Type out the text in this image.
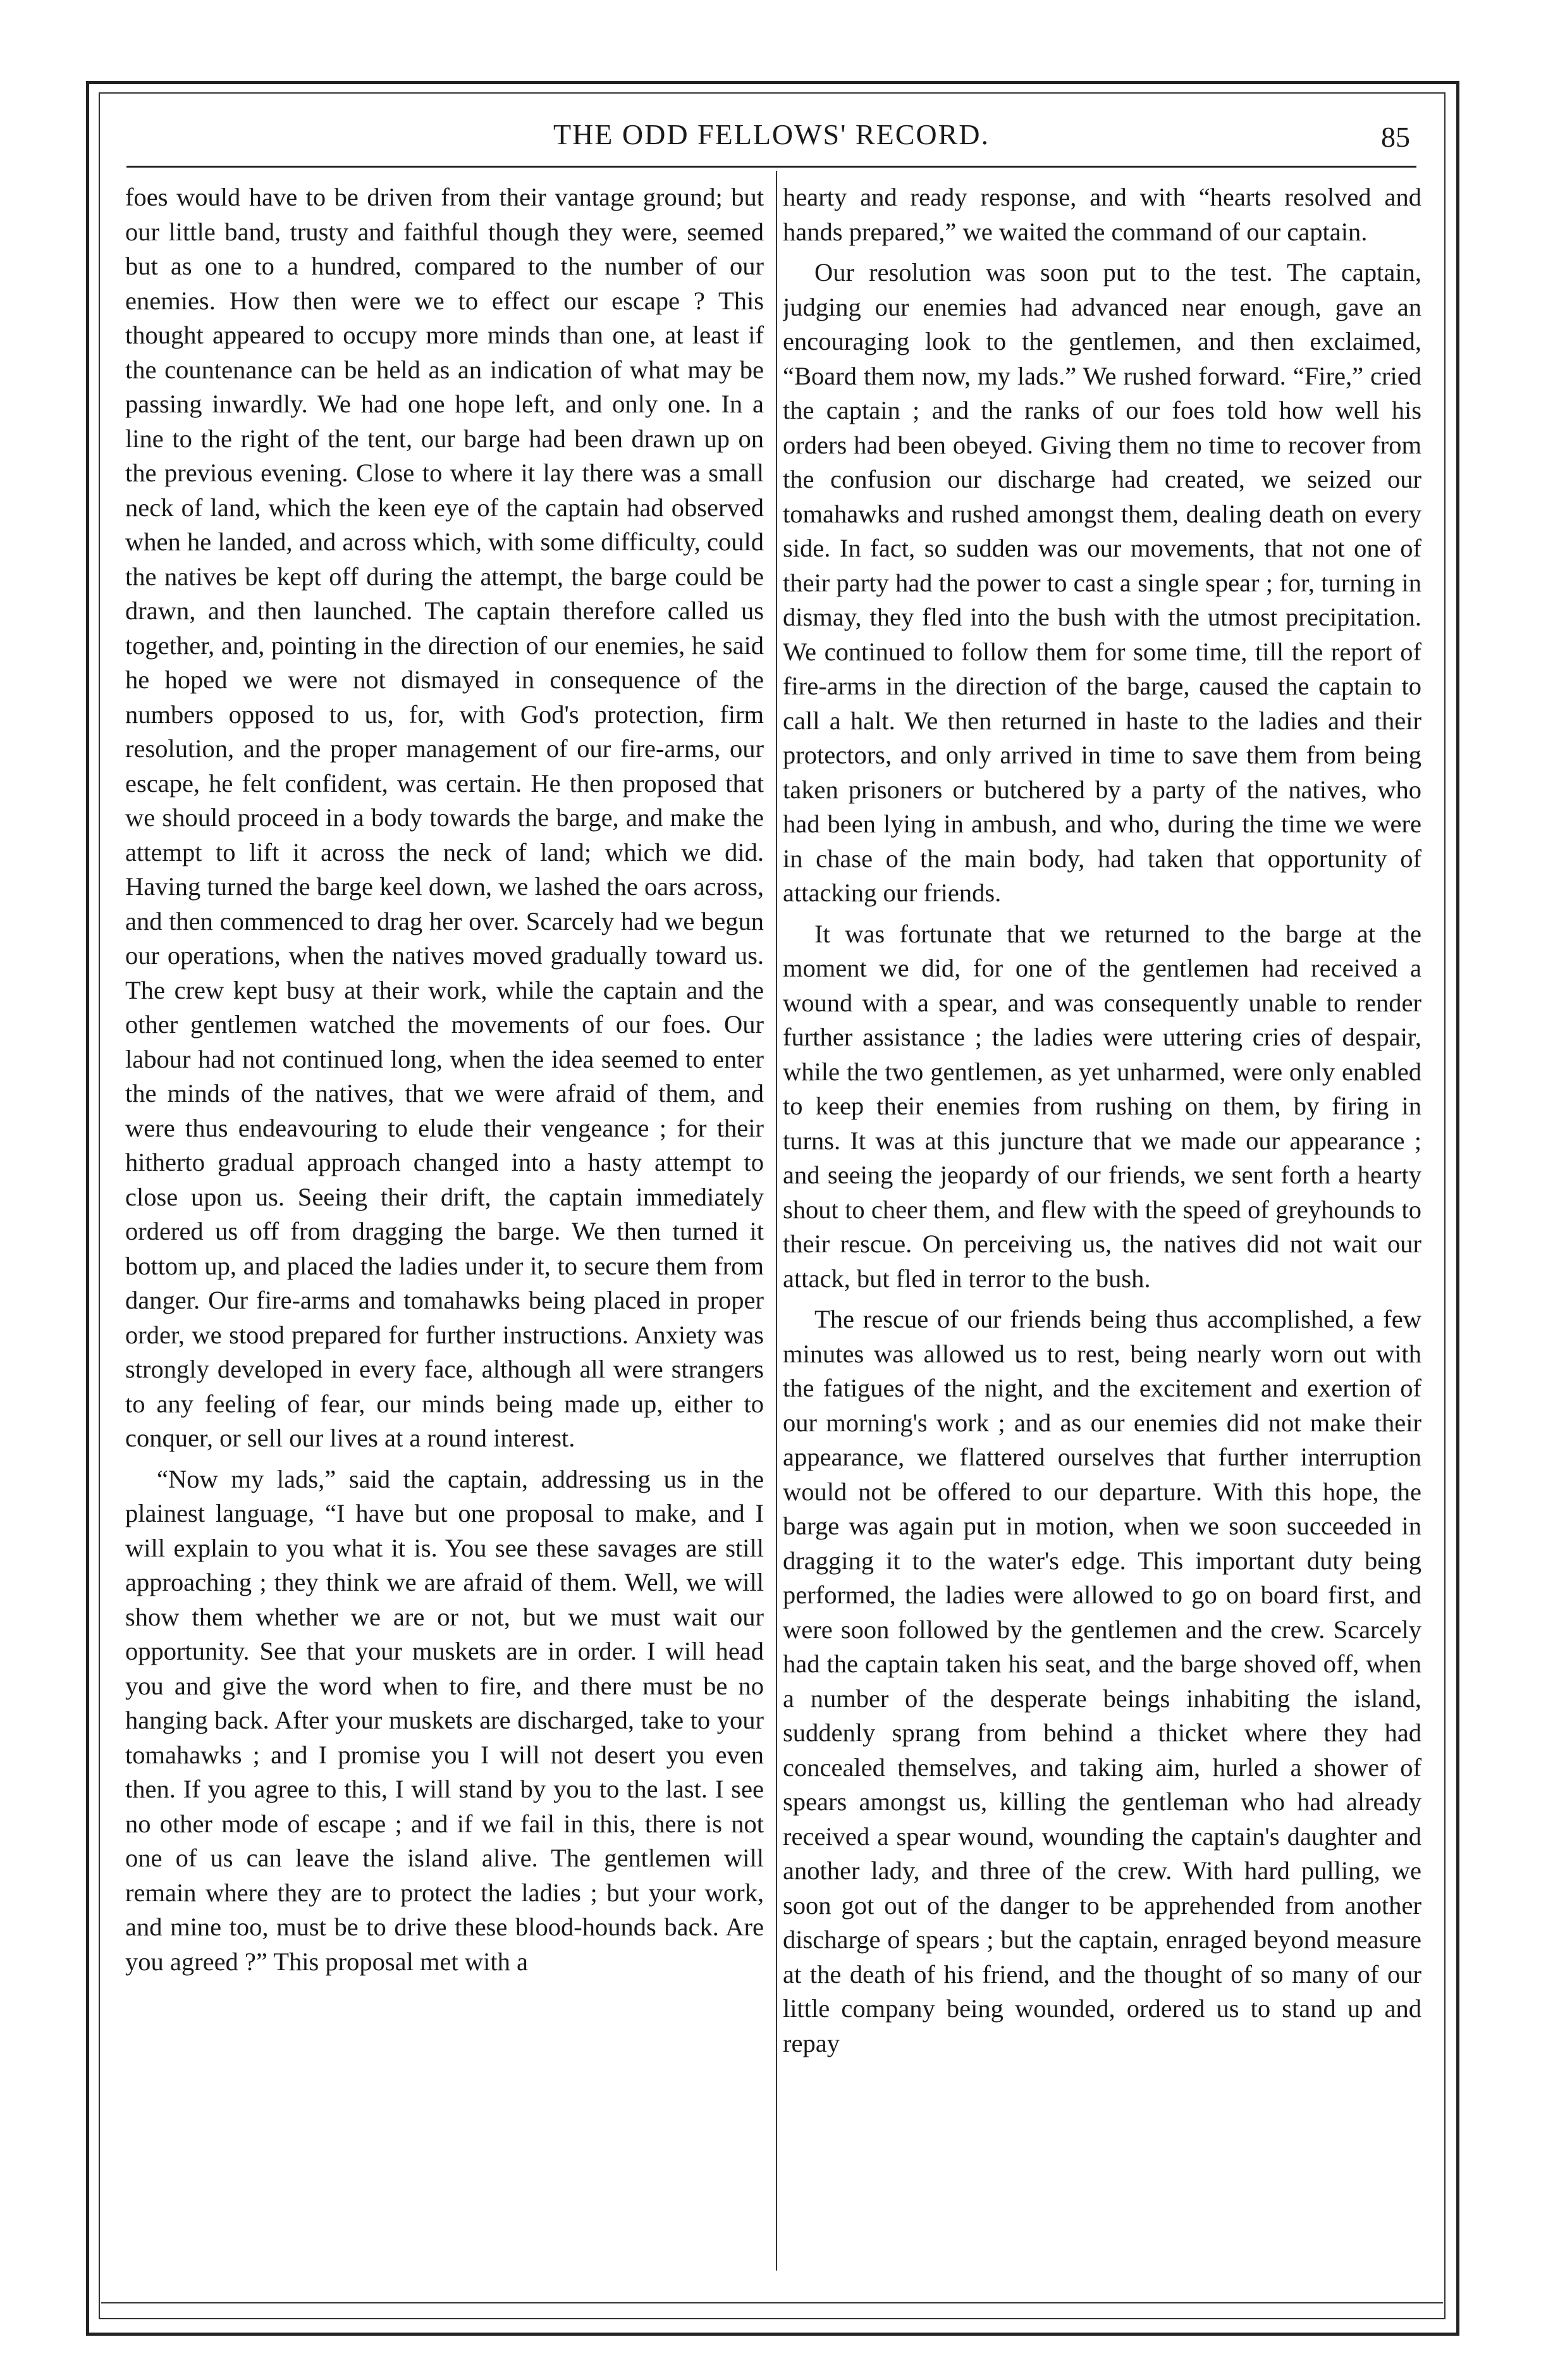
THE ODD FELLOWS' RECORD.	85

foes would have to be driven from their vantage ground; but our little band, trusty and faithful though they were, seemed but as one to a hundred, compared to the number of our enemies. How then were we to effect our escape ? This thought appeared to occupy more minds than one, at least if the countenance can be held as an indication of what may be passing inwardly. We had one hope left, and only one. In a line to the right of the tent, our barge had been drawn up on the previous evening. Close to where it lay there was a small neck of land, which the keen eye of the captain had observed when he landed, and across which, with some difficulty, could the natives be kept off during the attempt, the barge could be drawn, and then launched. The captain therefore called us together, and, pointing in the direction of our enemies, he said he hoped we were not dismayed in consequence of the numbers opposed to us, for, with God's protection, firm resolution, and the proper management of our fire-arms, our escape, he felt confident, was certain. He then proposed that we should proceed in a body towards the barge, and make the attempt to lift it across the neck of land; which we did. Having turned the barge keel down, we lashed the oars across, and then commenced to drag her over. Scarcely had we begun our operations, when the natives moved gradually toward us. The crew kept busy at their work, while the captain and the other gentlemen watched the movements of our foes. Our labour had not continued long, when the idea seemed to enter the minds of the natives, that we were afraid of them, and were thus endeavouring to elude their vengeance ; for their hitherto gradual approach changed into a hasty attempt to close upon us. Seeing their drift, the captain immediately ordered us off from dragging the barge. We then turned it bottom up, and placed the ladies under it, to secure them from danger. Our fire-arms and tomahawks being placed in proper order, we stood prepared for further instructions. Anxiety was strongly developed in every face, although all were strangers to any feeling of fear, our minds being made up, either to conquer, or sell our lives at a round interest.

“Now my lads,” said the captain, addressing us in the plainest language, “I have but one proposal to make, and I will explain to you what it is. You see these savages are still approaching ; they think we are afraid of them. Well, we will show them whether we are or not, but we must wait our opportunity. See that your muskets are in order. I will head you and give the word when to fire, and there must be no hanging back. After your muskets are discharged, take to your tomahawks ; and I promise you I will not desert you even then. If you agree to this, I will stand by you to the last. I see no other mode of escape ; and if we fail in this, there is not one of us can leave the island alive. The gentlemen will remain where they are to protect the ladies ; but your work, and mine too, must be to drive these blood-hounds back. Are you agreed ?” This proposal met with a

hearty and ready response, and with “hearts resolved and hands prepared,” we waited the command of our captain.

Our resolution was soon put to the test. The captain, judging our enemies had advanced near enough, gave an encouraging look to the gentlemen, and then exclaimed, “Board them now, my lads.” We rushed forward. “Fire,” cried the captain ; and the ranks of our foes told how well his orders had been obeyed. Giving them no time to recover from the confusion our discharge had created, we seized our tomahawks and rushed amongst them, dealing death on every side. In fact, so sudden was our movements, that not one of their party had the power to cast a single spear ; for, turning in dismay, they fled into the bush with the utmost precipitation. We continued to follow them for some time, till the report of fire-arms in the direction of the barge, caused the captain to call a halt. We then returned in haste to the ladies and their protectors, and only arrived in time to save them from being taken prisoners or butchered by a party of the natives, who had been lying in ambush, and who, during the time we were in chase of the main body, had taken that opportunity of attacking our friends.

It was fortunate that we returned to the barge at the moment we did, for one of the gentlemen had received a wound with a spear, and was consequently unable to render further assistance ; the ladies were uttering cries of despair, while the two gentlemen, as yet unharmed, were only enabled to keep their enemies from rushing on them, by firing in turns. It was at this juncture that we made our appearance ; and seeing the jeopardy of our friends, we sent forth a hearty shout to cheer them, and flew with the speed of greyhounds to their rescue. On perceiving us, the natives did not wait our attack, but fled in terror to the bush.

The rescue of our friends being thus accomplished, a few minutes was allowed us to rest, being nearly worn out with the fatigues of the night, and the excitement and exertion of our morning's work ; and as our enemies did not make their appearance, we flattered ourselves that further interruption would not be offered to our departure. With this hope, the barge was again put in motion, when we soon succeeded in dragging it to the water's edge. This important duty being performed, the ladies were allowed to go on board first, and were soon followed by the gentlemen and the crew. Scarcely had the captain taken his seat, and the barge shoved off, when a number of the desperate beings inhabiting the island, suddenly sprang from behind a thicket where they had concealed themselves, and taking aim, hurled a shower of spears amongst us, killing the gentleman who had already received a spear wound, wounding the captain's daughter and another lady, and three of the crew. With hard pulling, we soon got out of the danger to be apprehended from another discharge of spears ; but the captain, enraged beyond measure at the death of his friend, and the thought of so many of our little company being wounded, ordered us to stand up and repay
